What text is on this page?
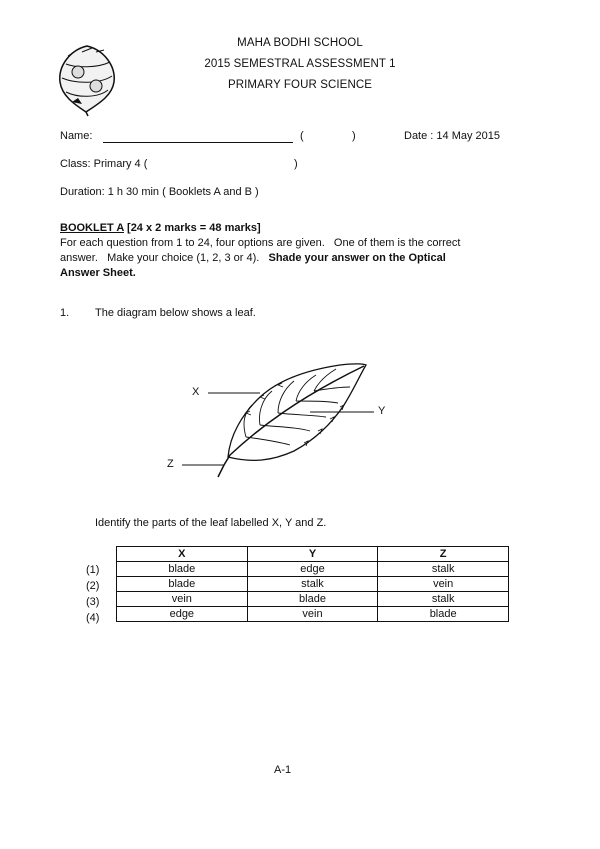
MAHA BODHI SCHOOL
2015 SEMESTRAL ASSESSMENT 1
PRIMARY FOUR SCIENCE
Name:	(	)	Date : 14 May 2015
Class: Primary 4 (	)
Duration: 1 h 30 min ( Booklets A and B )
BOOKLET A [24 x 2 marks = 48 marks]
For each question from 1 to 24, four options are given.   One of them is the correct
answer.   Make your choice (1, 2, 3 or 4).   Shade your answer on the Optical
Answer Sheet.
1. The diagram below shows a leaf.
X
Y
Z
Identify the parts of the leaf labelled X, Y and Z.
(1)
(2)
(3)
(4)
X	Y	Z
blade	edge	stalk
blade	stalk	vein
vein	blade	stalk
edge	vein	blade
A-1
